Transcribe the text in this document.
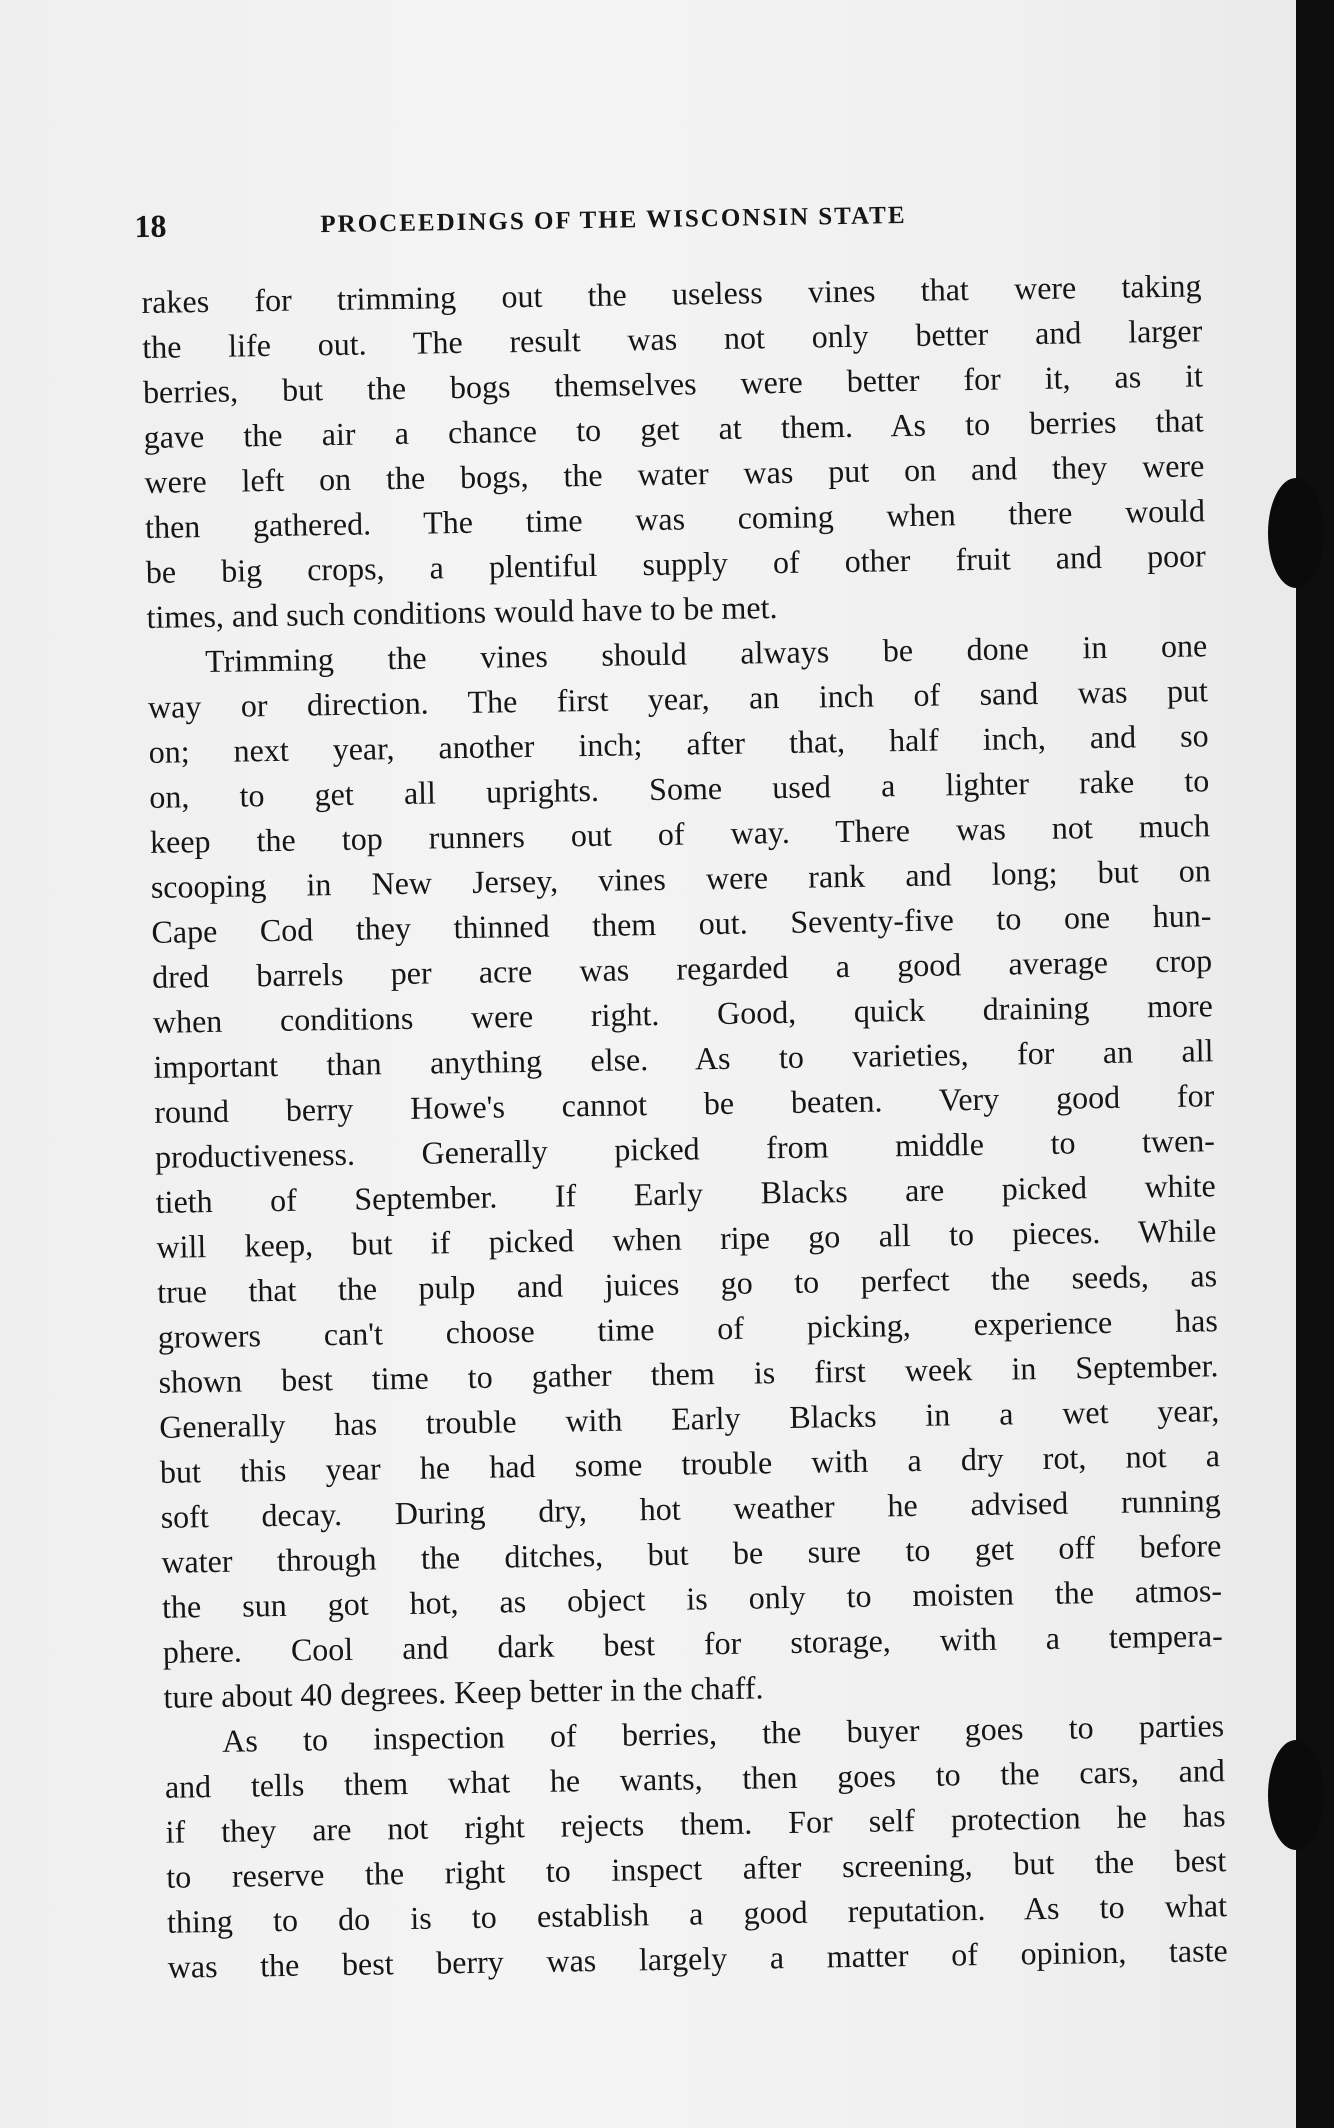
18	PROCEEDINGS OF THE WISCONSIN STATE
rakes for trimming out the useless vines that were taking
the life out. The result was not only better and larger
berries, but the bogs themselves were better for it, as it
gave the air a chance to get at them. As to berries that
were left on the bogs, the water was put on and they were
then gathered. The time was coming when there would
be big crops, a plentiful supply of other fruit and poor
times, and such conditions would have to be met.
Trimming the vines should always be done in one
way or direction. The first year, an inch of sand was put
on; next year, another inch; after that, half inch, and so
on, to get all uprights. Some used a lighter rake to
keep the top runners out of way. There was not much
scooping in New Jersey, vines were rank and long; but on
Cape Cod they thinned them out. Seventy-five to one hun-
dred barrels per acre was regarded a good average crop
when conditions were right. Good, quick draining more
important than anything else. As to varieties, for an all
round berry Howe's cannot be beaten. Very good for
productiveness. Generally picked from middle to twen-
tieth of September. If Early Blacks are picked white
will keep, but if picked when ripe go all to pieces. While
true that the pulp and juices go to perfect the seeds, as
growers can't choose time of picking, experience has
shown best time to gather them is first week in September.
Generally has trouble with Early Blacks in a wet year,
but this year he had some trouble with a dry rot, not a
soft decay. During dry, hot weather he advised running
water through the ditches, but be sure to get off before
the sun got hot, as object is only to moisten the atmos-
phere. Cool and dark best for storage, with a tempera-
ture about 40 degrees. Keep better in the chaff.
As to inspection of berries, the buyer goes to parties
and tells them what he wants, then goes to the cars, and
if they are not right rejects them. For self protection he has
to reserve the right to inspect after screening, but the best
thing to do is to establish a good reputation. As to what
was the best berry was largely a matter of opinion, taste
